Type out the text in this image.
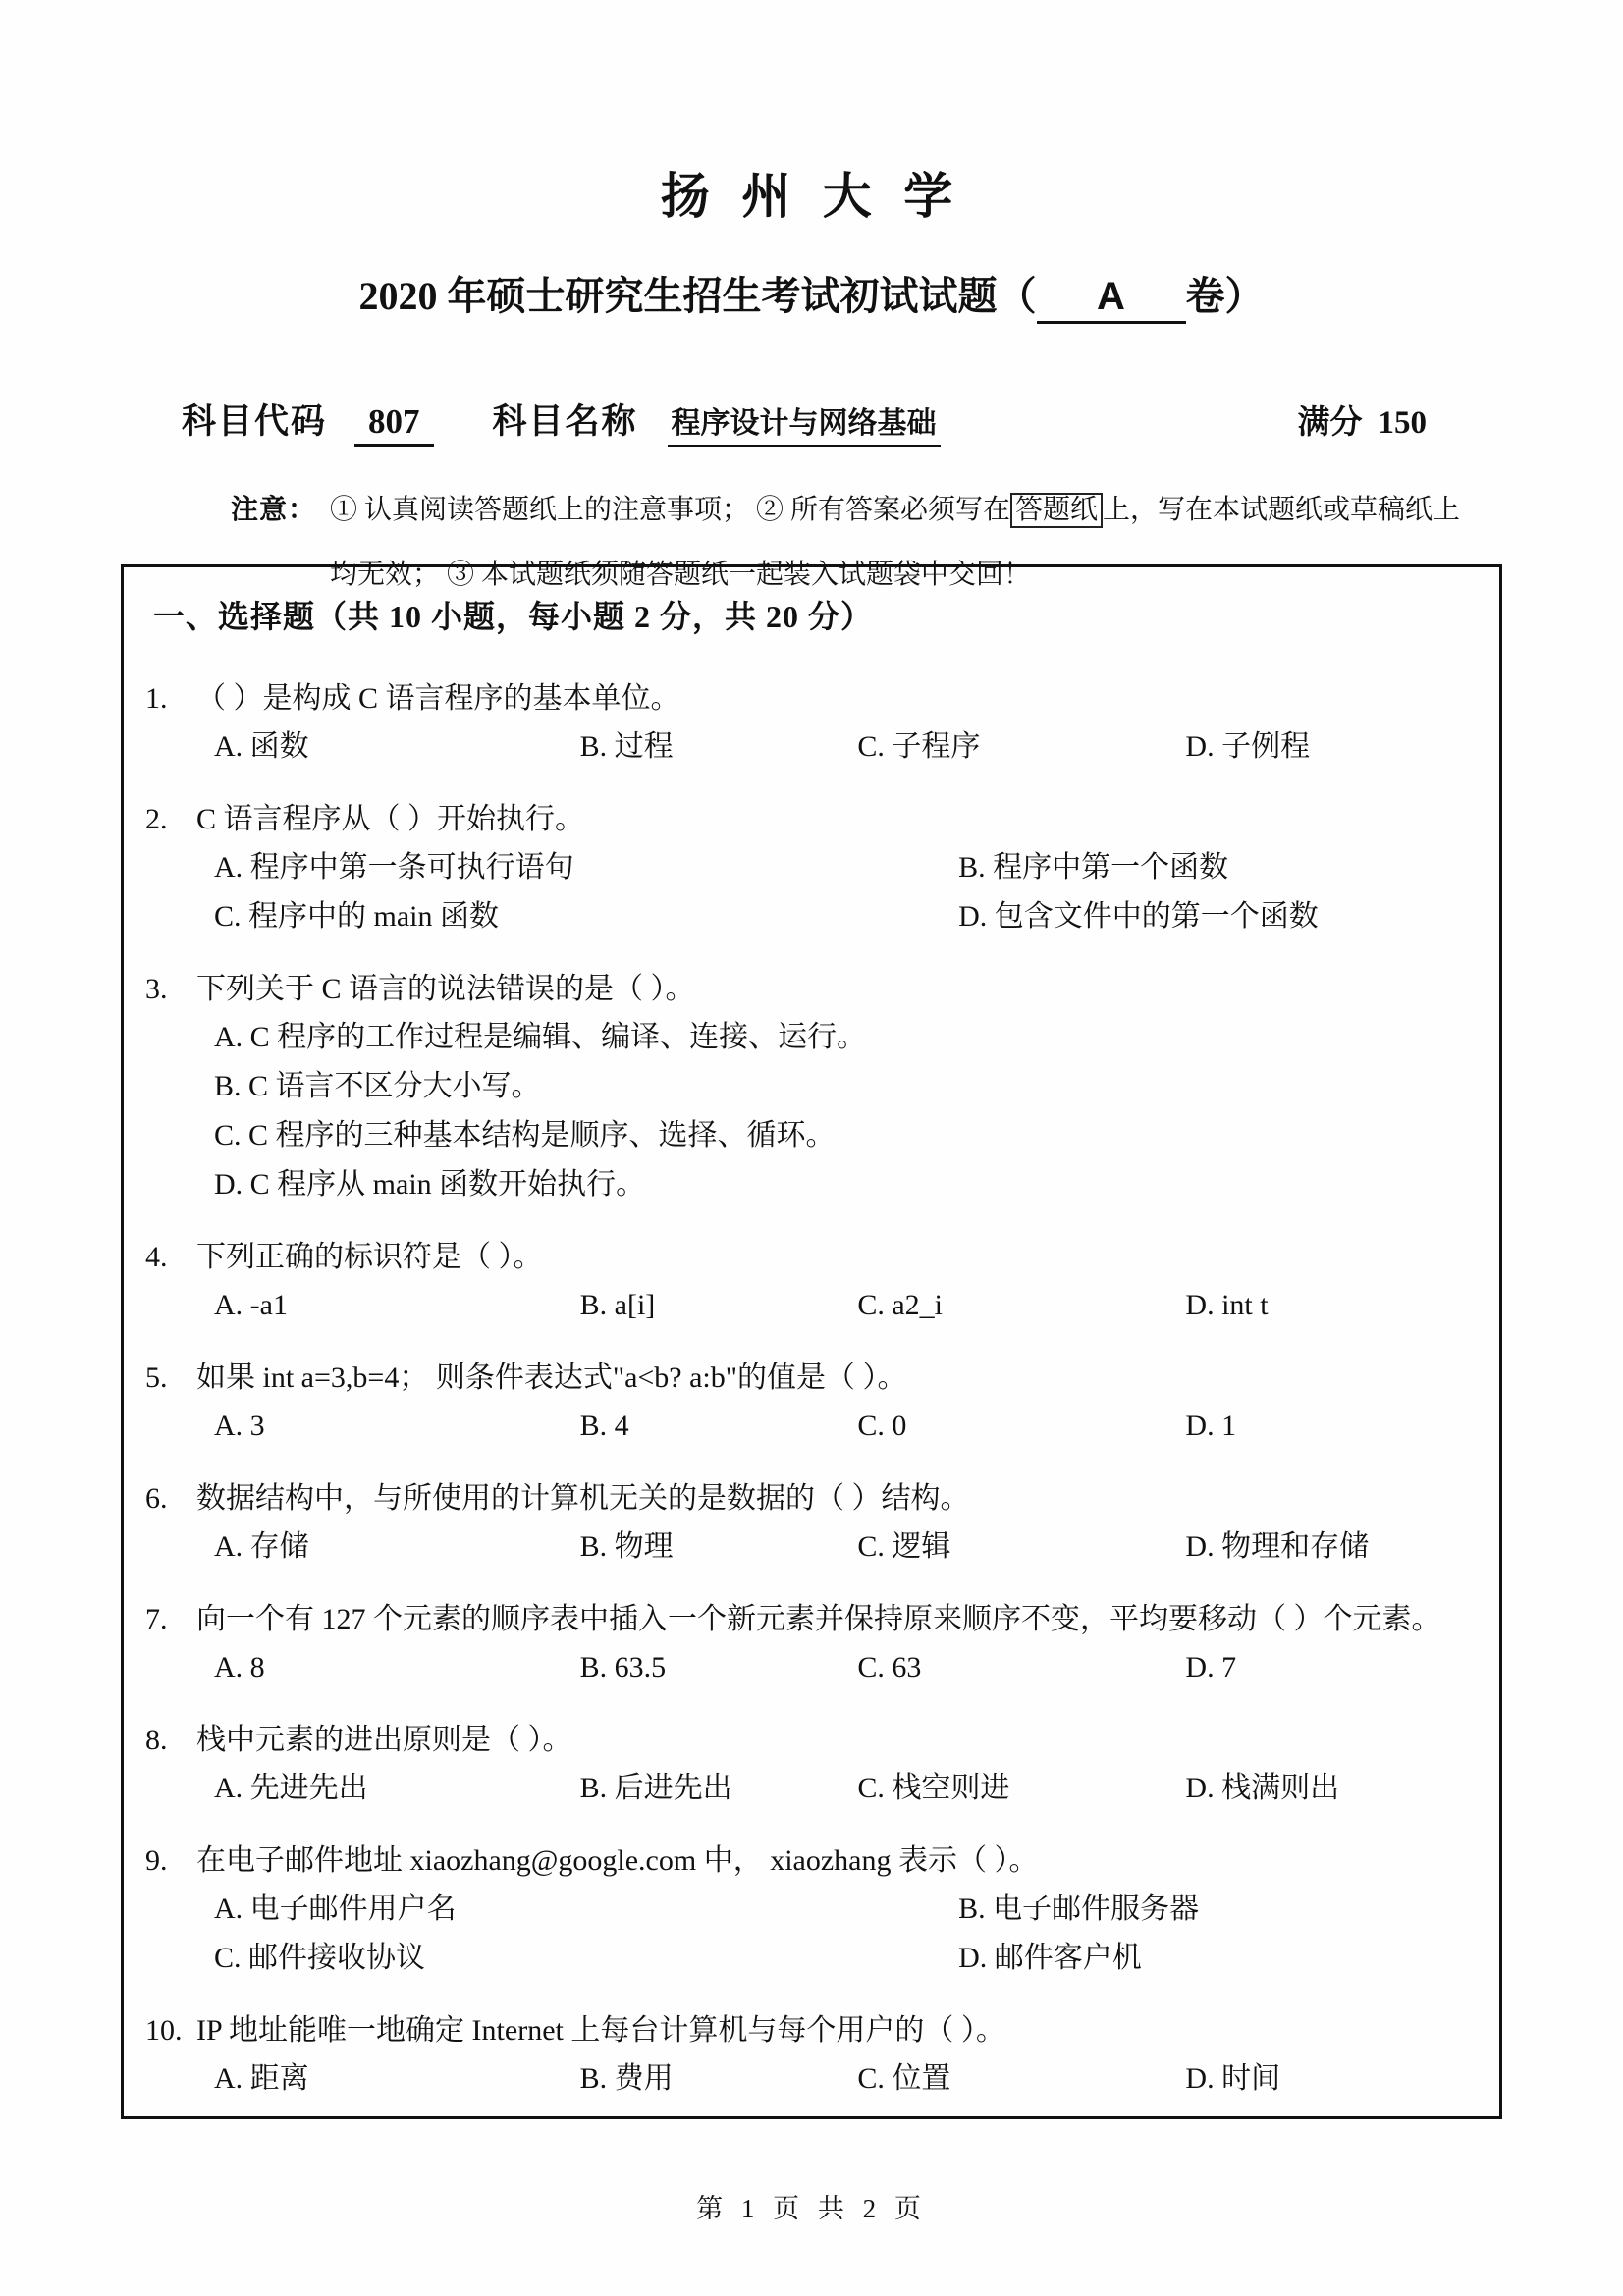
扬 州 大 学
2020 年硕士研究生招生考试初试试题（ A 卷）
科目代码	807	科目名称 程序设计与网络基础	满分 150
注意： ① 认真阅读答题纸上的注意事项； ② 所有答案必须写在 答题纸 上，写在本试题纸或草稿纸上
均无效； ③ 本试题纸须随答题纸一起装入试题袋中交回！
一、选择题（共 10 小题，每小题 2 分，共 20 分）
1. （ ）是构成 C 语言程序的基本单位。
A. 函数	B. 过程	C. 子程序	D. 子例程
2. C 语言程序从（ ）开始执行。
A. 程序中第一条可执行语句	B. 程序中第一个函数
C. 程序中的 main 函数	D. 包含文件中的第一个函数
3. 下列关于 C 语言的说法错误的是（ ）。
A. C 程序的工作过程是编辑、编译、连接、运行。
B. C 语言不区分大小写。
C. C 程序的三种基本结构是顺序、选择、循环。
D. C 程序从 main 函数开始执行。
4. 下列正确的标识符是（ ）。
A. -a1	B. a[i]	C. a2_i	D. int t
5. 如果 int a=3,b=4； 则条件表达式"a<b? a:b"的值是（ ）。
A. 3	B. 4	C. 0	D. 1
6. 数据结构中，与所使用的计算机无关的是数据的（ ）结构。
A. 存储	B. 物理	C. 逻辑	D. 物理和存储
7. 向一个有 127 个元素的顺序表中插入一个新元素并保持原来顺序不变，平均要移动（ ）个元素。
A. 8	B. 63.5	C. 63	D. 7
8. 栈中元素的进出原则是（ ）。
A. 先进先出	B. 后进先出	C. 栈空则进	D. 栈满则出
9. 在电子邮件地址 xiaozhang@google.com 中， xiaozhang 表示（ ）。
A. 电子邮件用户名	B. 电子邮件服务器
C. 邮件接收协议	D. 邮件客户机
10. IP 地址能唯一地确定 Internet 上每台计算机与每个用户的（ ）。
A. 距离	B. 费用	C. 位置	D. 时间
第 1 页 共 2 页
